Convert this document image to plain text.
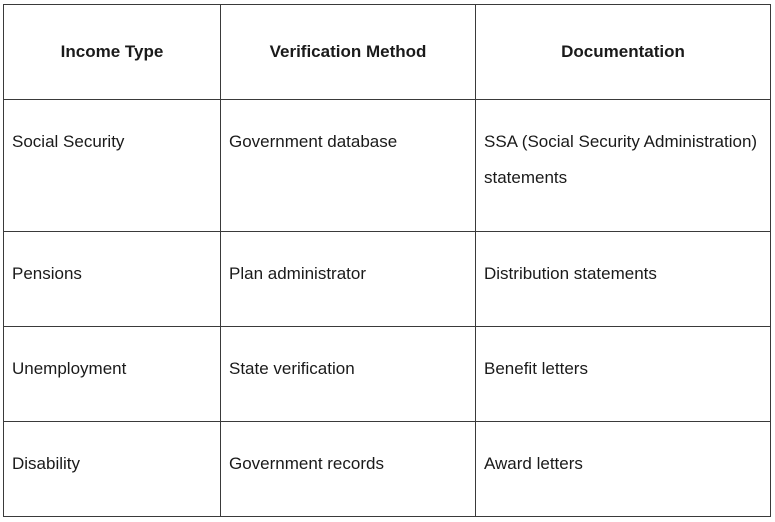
Income Type	Verification Method	Documentation
Social Security	Government database	SSA (Social Security Administration) statements
Pensions	Plan administrator	Distribution statements
Unemployment	State verification	Benefit letters
Disability	Government records	Award letters
